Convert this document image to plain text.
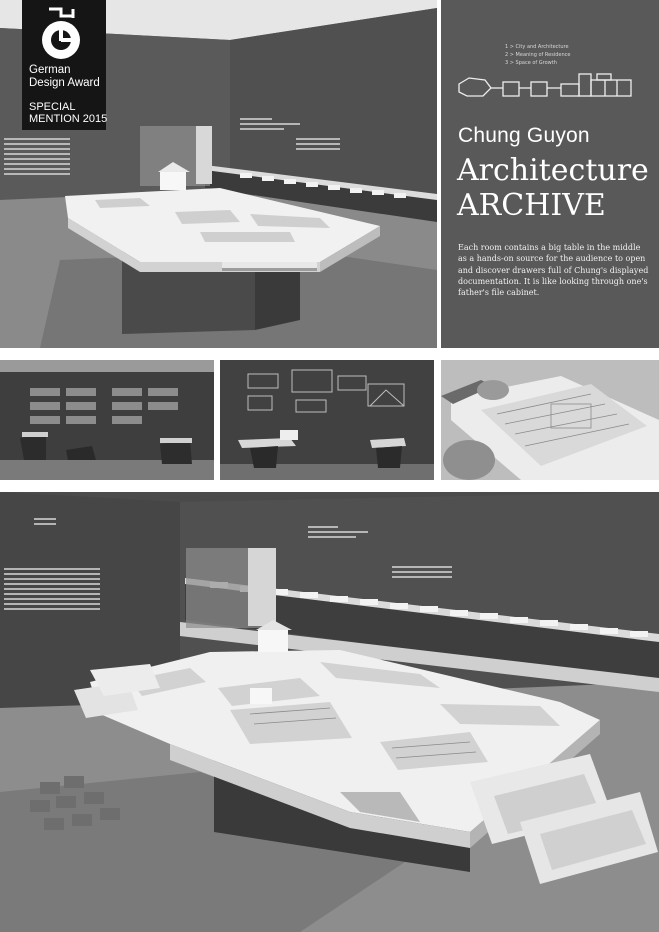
German
Design Award
SPECIAL
MENTION 2015
1 > City and Architecture
2 > Meaning of Residence
3 > Space of Growth
Chung Guyon
Architecture
ARCHIVE
Each room contains a big table in the middle as a hands-on source for the audience to open and discover drawers full of Chung's displayed documentation. It is like looking through one's father's file cabinet.
